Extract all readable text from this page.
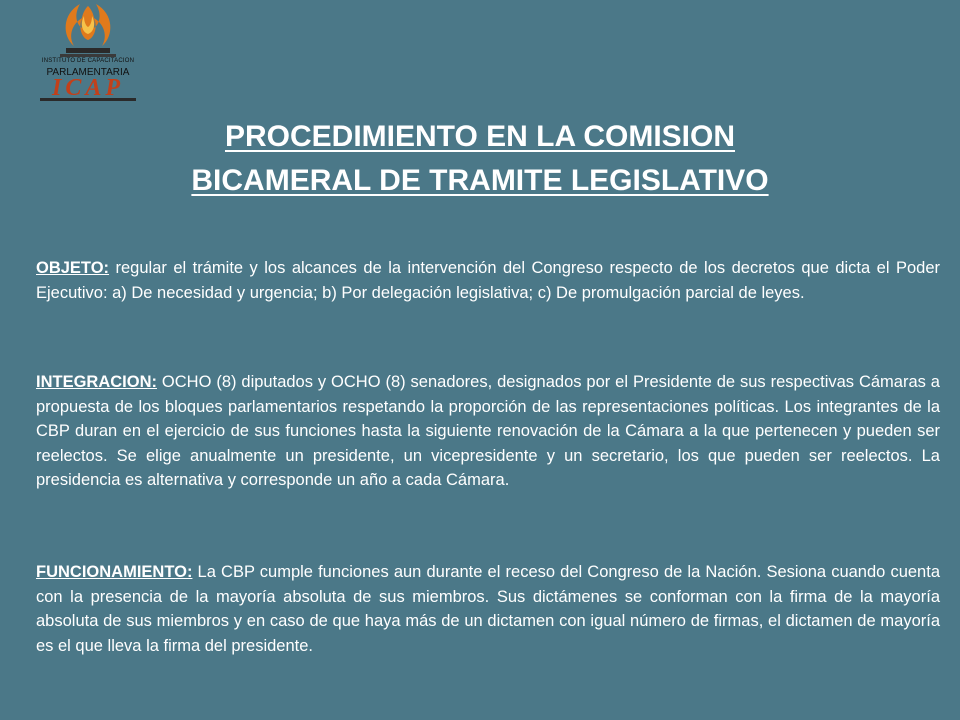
INSTITUTO DE CAPACITACION
PARLAMENTARIA
ICAP
PROCEDIMIENTO EN LA COMISION
BICAMERAL DE TRAMITE LEGISLATIVO

OBJETO: regular el trámite y los alcances de la intervención del Congreso respecto de los decretos que dicta el Poder Ejecutivo: a) De necesidad y urgencia; b) Por delegación legislativa; c) De promulgación parcial de leyes.

INTEGRACION: OCHO (8) diputados y OCHO (8) senadores, designados por el Presidente de sus respectivas Cámaras a propuesta de los bloques parlamentarios respetando la proporción de las representaciones políticas. Los integrantes de la CBP duran en el ejercicio de sus funciones hasta la siguiente renovación de la Cámara a la que pertenecen y pueden ser reelectos. Se elige anualmente un presidente, un vicepresidente y un secretario, los que pueden ser reelectos. La presidencia es alternativa y corresponde un año a cada Cámara.

FUNCIONAMIENTO: La CBP cumple funciones aun durante el receso del Congreso de la Nación. Sesiona cuando cuenta con la presencia de la mayoría absoluta de sus miembros. Sus dictámenes se conforman con la firma de la mayoría absoluta de sus miembros y en caso de que haya más de un dictamen con igual número de firmas, el dictamen de mayoría es el que lleva la firma del presidente.
